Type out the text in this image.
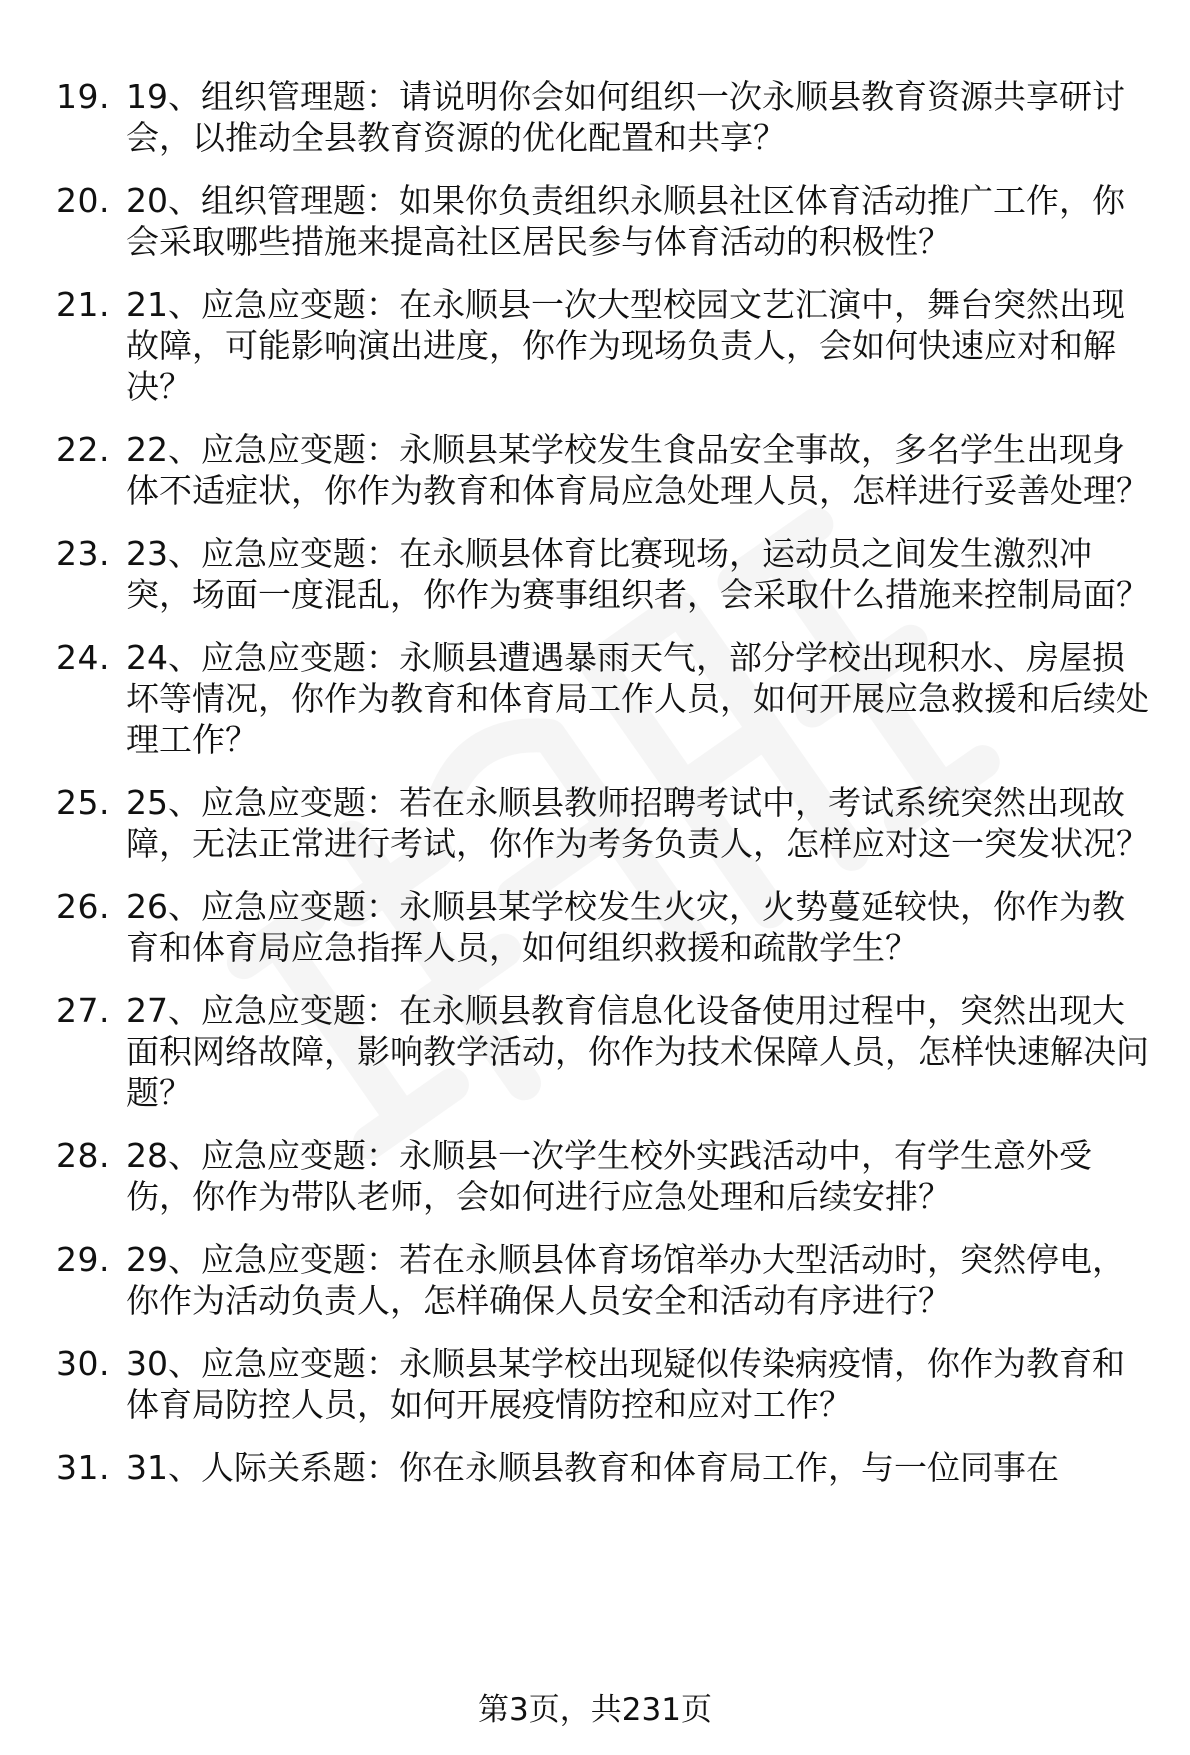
19. 19、组织管理题：请说明你会如何组织一次永顺县教育资源共享研讨会，以推动全县教育资源的优化配置和共享？
20. 20、组织管理题：如果你负责组织永顺县社区体育活动推广工作，你会采取哪些措施来提高社区居民参与体育活动的积极性？
21. 21、应急应变题：在永顺县一次大型校园文艺汇演中，舞台突然出现故障，可能影响演出进度，你作为现场负责人，会如何快速应对和解决？
22. 22、应急应变题：永顺县某学校发生食品安全事故，多名学生出现身体不适症状，你作为教育和体育局应急处理人员，怎样进行妥善处理？
23. 23、应急应变题：在永顺县体育比赛现场，运动员之间发生激烈冲突，场面一度混乱，你作为赛事组织者，会采取什么措施来控制局面？
24. 24、应急应变题：永顺县遭遇暴雨天气，部分学校出现积水、房屋损坏等情况，你作为教育和体育局工作人员，如何开展应急救援和后续处理工作？
25. 25、应急应变题：若在永顺县教师招聘考试中，考试系统突然出现故障，无法正常进行考试，你作为考务负责人，怎样应对这一突发状况？
26. 26、应急应变题：永顺县某学校发生火灾，火势蔓延较快，你作为教育和体育局应急指挥人员，如何组织救援和疏散学生？
27. 27、应急应变题：在永顺县教育信息化设备使用过程中，突然出现大面积网络故障，影响教学活动，你作为技术保障人员，怎样快速解决问题？
28. 28、应急应变题：永顺县一次学生校外实践活动中，有学生意外受伤，你作为带队老师，会如何进行应急处理和后续安排？
29. 29、应急应变题：若在永顺县体育场馆举办大型活动时，突然停电，你作为活动负责人，怎样确保人员安全和活动有序进行？
30. 30、应急应变题：永顺县某学校出现疑似传染病疫情，你作为教育和体育局防控人员，如何开展疫情防控和应对工作？
31. 31、人际关系题：你在永顺县教育和体育局工作，与一位同事在
第3页，共231页
